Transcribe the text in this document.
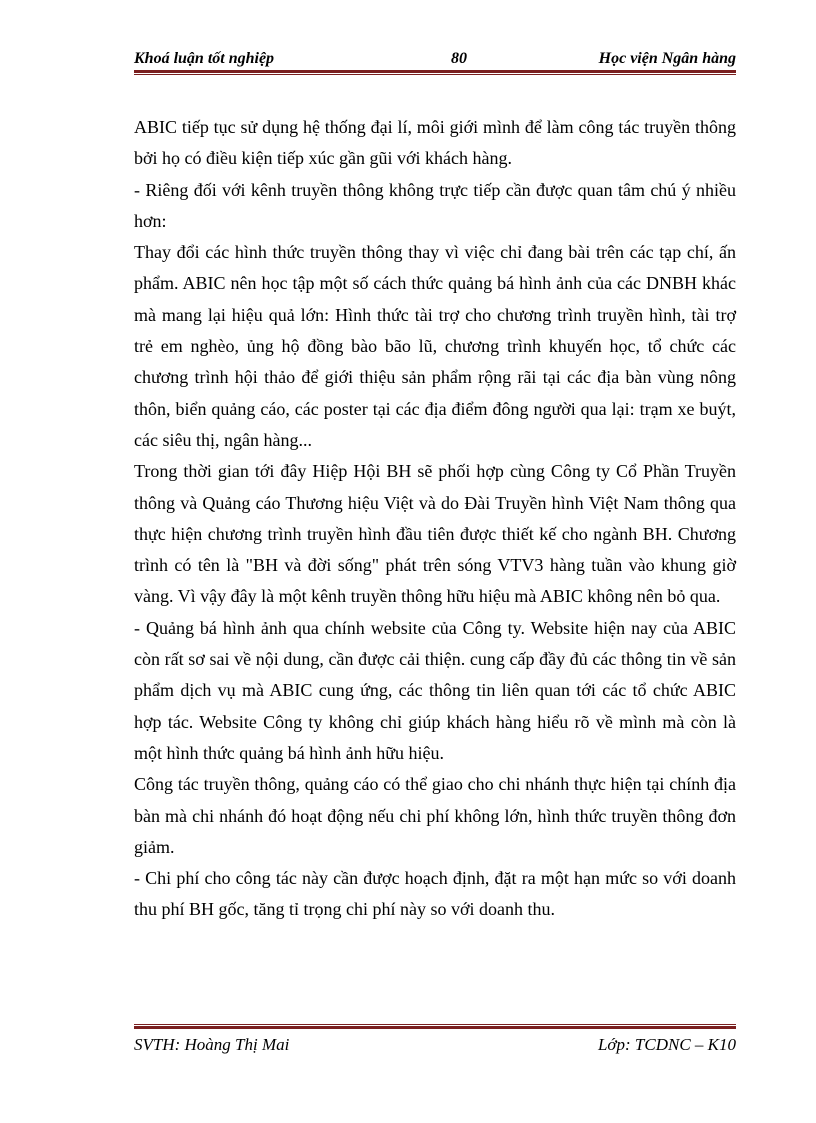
Khoá luận tốt nghiệp	80	Học viện Ngân hàng

ABIC tiếp tục sử dụng hệ thống đại lí, môi giới mình để làm công tác truyền thông bởi họ có điều kiện tiếp xúc gần gũi với khách hàng.

- Riêng đối với kênh truyền thông không trực tiếp cần được quan tâm chú ý nhiều hơn:

Thay đổi các hình thức truyền thông thay vì việc chỉ đang bài trên các tạp chí, ấn phẩm. ABIC nên học tập một số cách thức quảng bá hình ảnh của các DNBH khác mà mang lại hiệu quả lớn: Hình thức tài trợ cho chương trình truyền hình, tài trợ trẻ em nghèo, ủng hộ đồng bào bão lũ, chương trình khuyến học, tổ chức các chương trình hội thảo để giới thiệu sản phẩm rộng rãi tại các địa bàn vùng nông thôn, biển quảng cáo, các poster tại các địa điểm đông người qua lại: trạm xe buýt, các siêu thị, ngân hàng...

Trong thời gian tới đây Hiệp Hội BH sẽ phối hợp cùng Công ty Cổ Phần Truyền thông và Quảng cáo Thương hiệu Việt và do Đài Truyền hình Việt Nam thông qua thực hiện chương trình truyền hình đầu tiên được thiết kế cho ngành BH. Chương trình có tên là "BH và đời sống" phát trên sóng VTV3 hàng tuần vào khung giờ vàng. Vì vậy đây là một kênh truyền thông hữu hiệu mà ABIC không nên bỏ qua.

- Quảng bá hình ảnh qua chính website của Công ty. Website hiện nay của ABIC còn rất sơ sai về nội dung, cần được cải thiện. cung cấp đầy đủ các thông tin về sản phẩm dịch vụ mà ABIC cung ứng, các thông tin liên quan tới các tổ chức ABIC hợp tác. Website Công ty không chỉ giúp khách hàng hiểu rõ về mình mà còn là một hình thức quảng bá hình ảnh hữu hiệu.

Công tác truyền thông, quảng cáo có thể giao cho chi nhánh thực hiện tại chính địa bàn mà chi nhánh đó hoạt động nếu chi phí không lớn, hình thức truyền thông đơn giảm.

- Chi phí cho công tác này cần được hoạch định, đặt ra một hạn mức so với doanh thu phí BH gốc, tăng tỉ trọng chi phí này so với doanh thu.

SVTH: Hoàng Thị Mai	Lớp: TCDNC – K10
